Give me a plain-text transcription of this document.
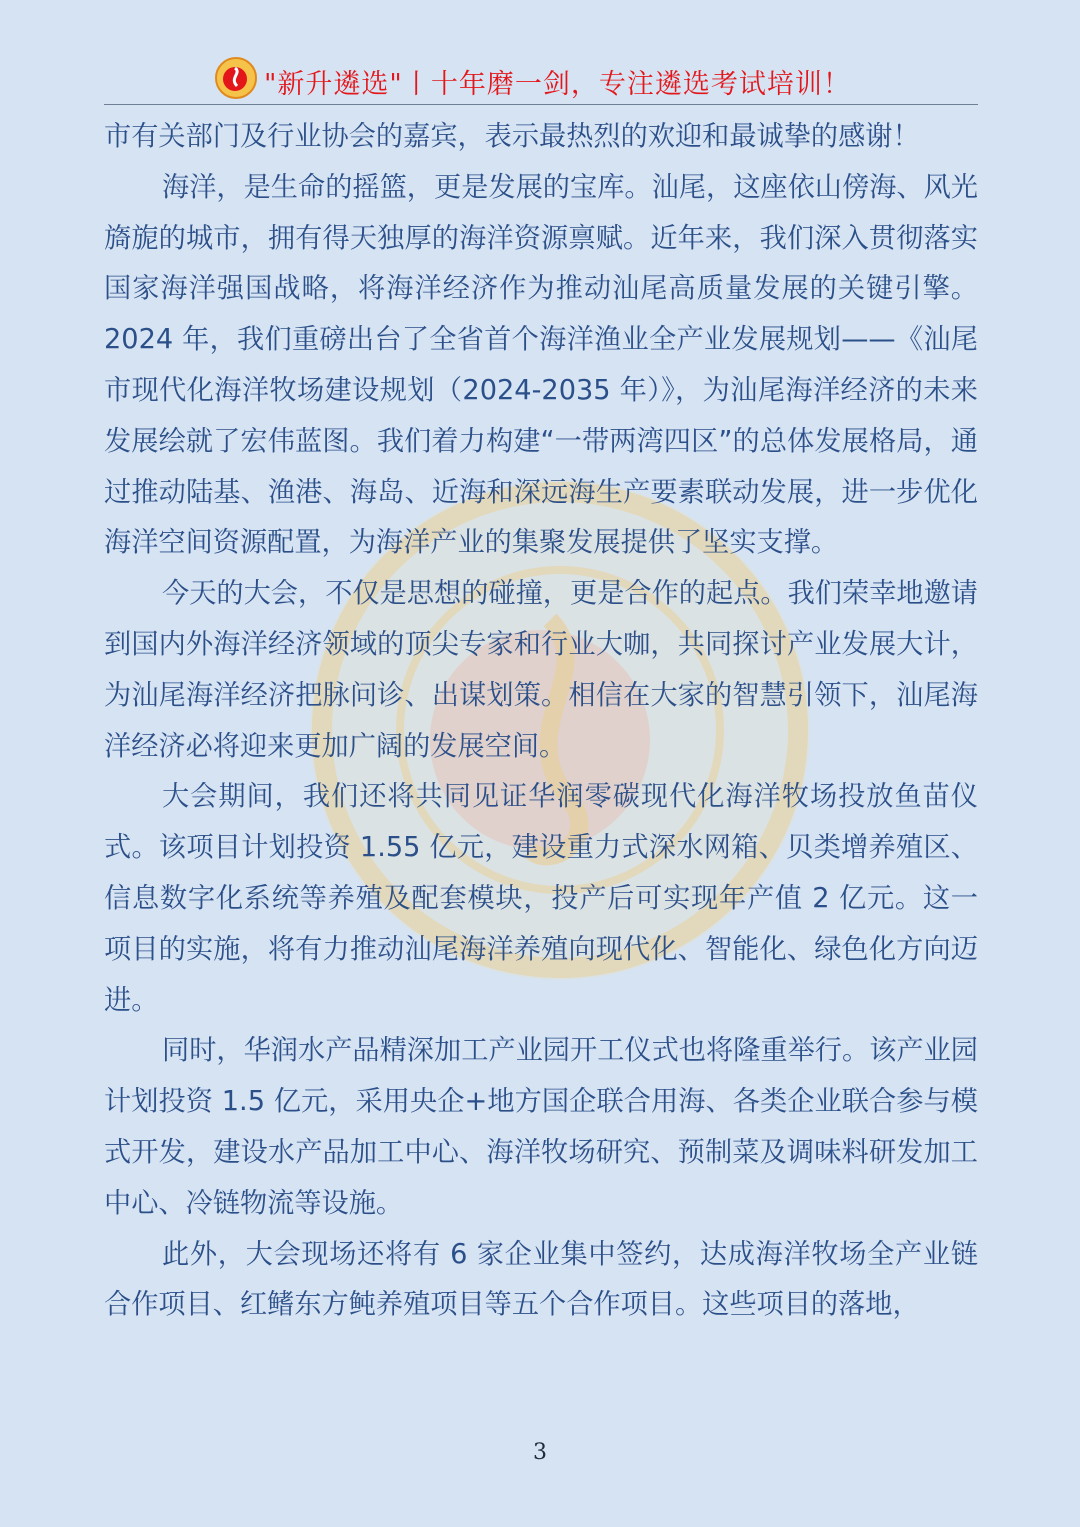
"新升遴选"丨十年磨一剑，专注遴选考试培训！

市有关部门及行业协会的嘉宾，表示最热烈的欢迎和最诚挚的感谢！

海洋，是生命的摇篮，更是发展的宝库。汕尾，这座依山傍海、风光旖旎的城市，拥有得天独厚的海洋资源禀赋。近年来，我们深入贯彻落实国家海洋强国战略，将海洋经济作为推动汕尾高质量发展的关键引擎。2024 年，我们重磅出台了全省首个海洋渔业全产业发展规划——《汕尾市现代化海洋牧场建设规划（2024-2035 年）》，为汕尾海洋经济的未来发展绘就了宏伟蓝图。我们着力构建“一带两湾四区”的总体发展格局，通过推动陆基、渔港、海岛、近海和深远海生产要素联动发展，进一步优化海洋空间资源配置，为海洋产业的集聚发展提供了坚实支撑。

今天的大会，不仅是思想的碰撞，更是合作的起点。我们荣幸地邀请到国内外海洋经济领域的顶尖专家和行业大咖，共同探讨产业发展大计，为汕尾海洋经济把脉问诊、出谋划策。相信在大家的智慧引领下，汕尾海洋经济必将迎来更加广阔的发展空间。

大会期间，我们还将共同见证华润零碳现代化海洋牧场投放鱼苗仪式。该项目计划投资 1.55 亿元，建设重力式深水网箱、贝类增养殖区、信息数字化系统等养殖及配套模块，投产后可实现年产值 2 亿元。这一项目的实施，将有力推动汕尾海洋养殖向现代化、智能化、绿色化方向迈进。

同时，华润水产品精深加工产业园开工仪式也将隆重举行。该产业园计划投资 1.5 亿元，采用央企+地方国企联合用海、各类企业联合参与模式开发，建设水产品加工中心、海洋牧场研究、预制菜及调味料研发加工中心、冷链物流等设施。

此外，大会现场还将有 6 家企业集中签约，达成海洋牧场全产业链合作项目、红鳍东方鲀养殖项目等五个合作项目。这些项目的落地，

3
